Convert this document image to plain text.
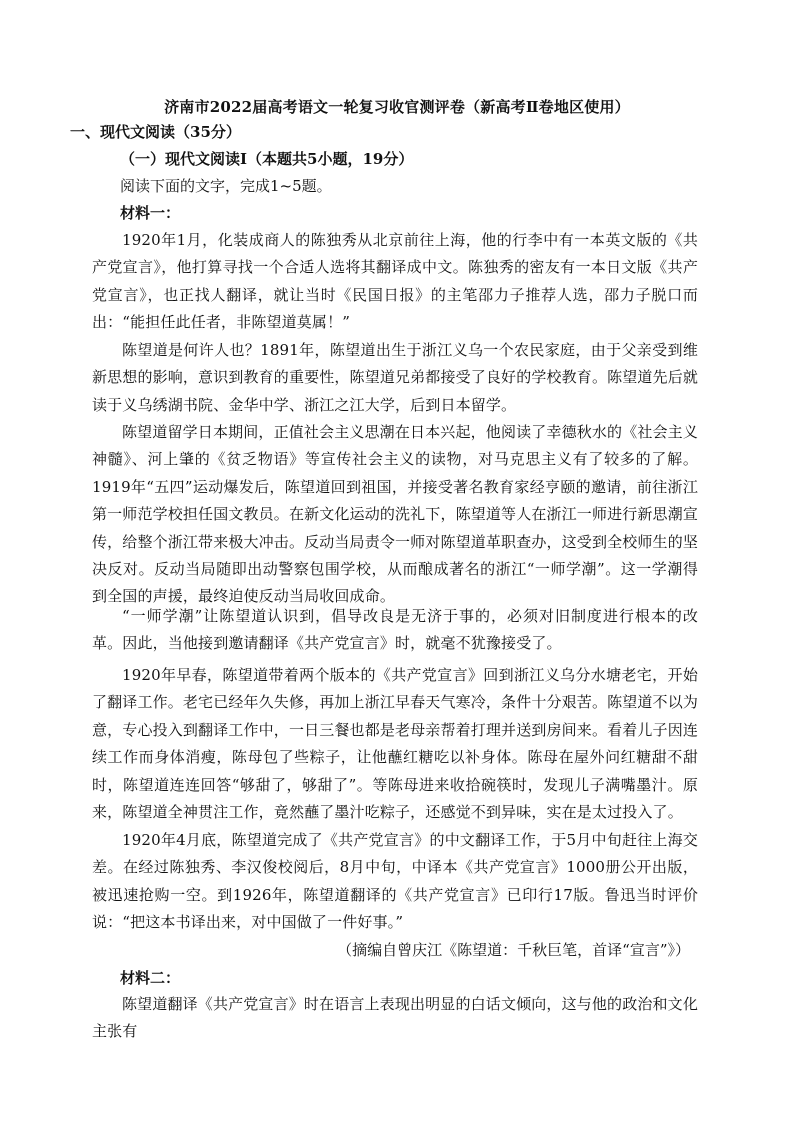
济南市2022届高考语文一轮复习收官测评卷（新高考Ⅱ卷地区使用）
一、现代文阅读（35分）
（一）现代文阅读Ⅰ（本题共5小题，19分）
阅读下面的文字，完成1~5题。
材料一：
1920年1月，化装成商人的陈独秀从北京前往上海，他的行李中有一本英文版的《共产党宣言》，他打算寻找一个合适人选将其翻译成中文。陈独秀的密友有一本日文版《共产党宣言》，也正找人翻译，就让当时《民国日报》的主笔邵力子推荐人选，邵力子脱口而出：“能担任此任者，非陈望道莫属！”
陈望道是何许人也？1891年，陈望道出生于浙江义乌一个农民家庭，由于父亲受到维新思想的影响，意识到教育的重要性，陈望道兄弟都接受了良好的学校教育。陈望道先后就读于义乌绣湖书院、金华中学、浙江之江大学，后到日本留学。
陈望道留学日本期间，正值社会主义思潮在日本兴起，他阅读了幸德秋水的《社会主义神髓》、河上肇的《贫乏物语》等宣传社会主义的读物，对马克思主义有了较多的了解。1919年“五四”运动爆发后，陈望道回到祖国，并接受著名教育家经亨颐的邀请，前往浙江第一师范学校担任国文教员。在新文化运动的洗礼下，陈望道等人在浙江一师进行新思潮宣传，给整个浙江带来极大冲击。反动当局责令一师对陈望道革职查办，这受到全校师生的坚决反对。反动当局随即出动警察包围学校，从而酿成著名的浙江“一师学潮”。这一学潮得到全国的声援，最终迫使反动当局收回成命。
“一师学潮”让陈望道认识到，倡导改良是无济于事的，必须对旧制度进行根本的改革。因此，当他接到邀请翻译《共产党宣言》时，就毫不犹豫接受了。
1920年早春，陈望道带着两个版本的《共产党宣言》回到浙江义乌分水塘老宅，开始了翻译工作。老宅已经年久失修，再加上浙江早春天气寒冷，条件十分艰苦。陈望道不以为意，专心投入到翻译工作中，一日三餐也都是老母亲帮着打理并送到房间来。看着儿子因连续工作而身体消瘦，陈母包了些粽子，让他蘸红糖吃以补身体。陈母在屋外问红糖甜不甜时，陈望道连连回答“够甜了，够甜了”。等陈母进来收拾碗筷时，发现儿子满嘴墨汁。原来，陈望道全神贯注工作，竟然蘸了墨汁吃粽子，还感觉不到异味，实在是太过投入了。
1920年4月底，陈望道完成了《共产党宣言》的中文翻译工作，于5月中旬赶往上海交差。在经过陈独秀、李汉俊校阅后，8月中旬，中译本《共产党宣言》1000册公开出版，被迅速抢购一空。到1926年，陈望道翻译的《共产党宣言》已印行17版。鲁迅当时评价说：“把这本书译出来，对中国做了一件好事。”
（摘编自曾庆江《陈望道：千秋巨笔，首译“宣言”》）
材料二：
陈望道翻译《共产党宣言》时在语言上表现出明显的白话文倾向，这与他的政治和文化主张有
